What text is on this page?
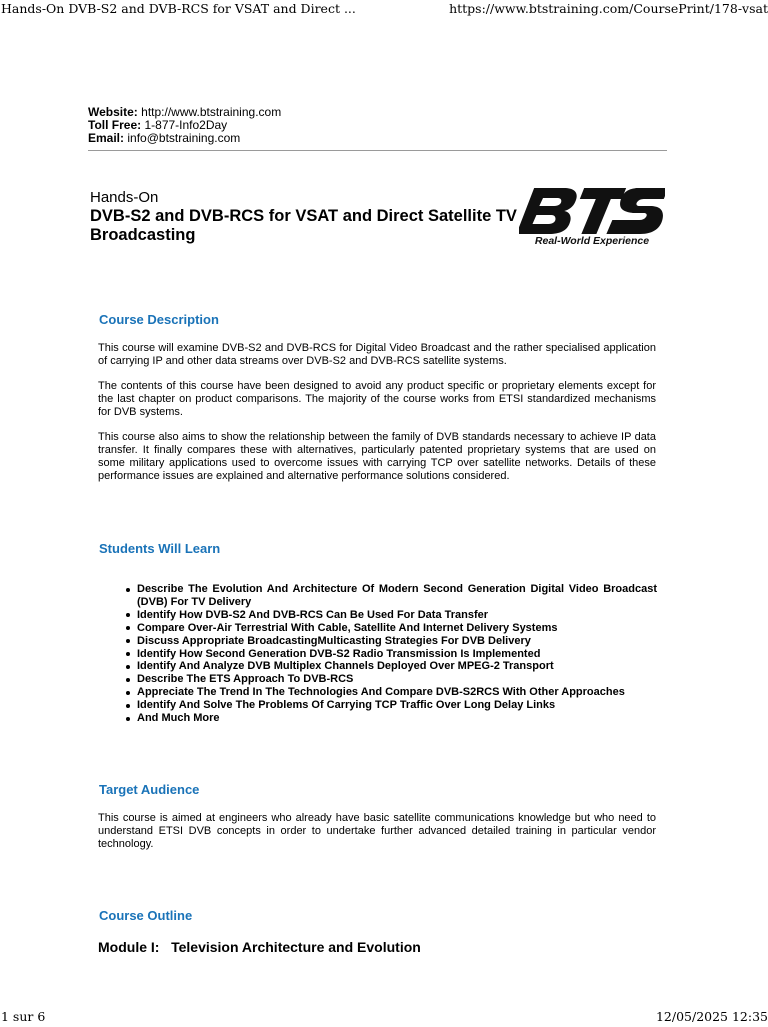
Hands-On DVB-S2 and DVB-RCS for VSAT and Direct ...	https://www.btstraining.com/CoursePrint/178-vsat
Website: http://www.btstraining.com
Toll Free: 1-877-Info2Day
Email: info@btstraining.com
Hands-On
DVB-S2 and DVB-RCS for VSAT and Direct Satellite TV Broadcasting	Real-World Experience
Course Description

This course will examine DVB-S2 and DVB-RCS for Digital Video Broadcast and the rather specialised application of carrying IP and other data streams over DVB-S2 and DVB-RCS satellite systems.

The contents of this course have been designed to avoid any product specific or proprietary elements except for the last chapter on product comparisons. The majority of the course works from ETSI standardized mechanisms for DVB systems.

This course also aims to show the relationship between the family of DVB standards necessary to achieve IP data transfer. It finally compares these with alternatives, particularly patented proprietary systems that are used on some military applications used to overcome issues with carrying TCP over satellite networks. Details of these performance issues are explained and alternative performance solutions considered.

Students Will Learn
Describe The Evolution And Architecture Of Modern Second Generation Digital Video Broadcast (DVB) For TV Delivery
Identify How DVB-S2 And DVB-RCS Can Be Used For Data Transfer
Compare Over-Air Terrestrial With Cable, Satellite And Internet Delivery Systems
Discuss Appropriate BroadcastingMulticasting Strategies For DVB Delivery
Identify How Second Generation DVB-S2 Radio Transmission Is Implemented
Identify And Analyze DVB Multiplex Channels Deployed Over MPEG-2 Transport
Describe The ETS Approach To DVB-RCS
Appreciate The Trend In The Technologies And Compare DVB-S2RCS With Other Approaches
Identify And Solve The Problems Of Carrying TCP Traffic Over Long Delay Links
And Much More
Target Audience

This course is aimed at engineers who already have basic satellite communications knowledge but who need to understand ETSI DVB concepts in order to undertake further advanced detailed training in particular vendor technology.

Course Outline
Module I:   Television Architecture and Evolution
1 sur 6	12/05/2025 12:35
